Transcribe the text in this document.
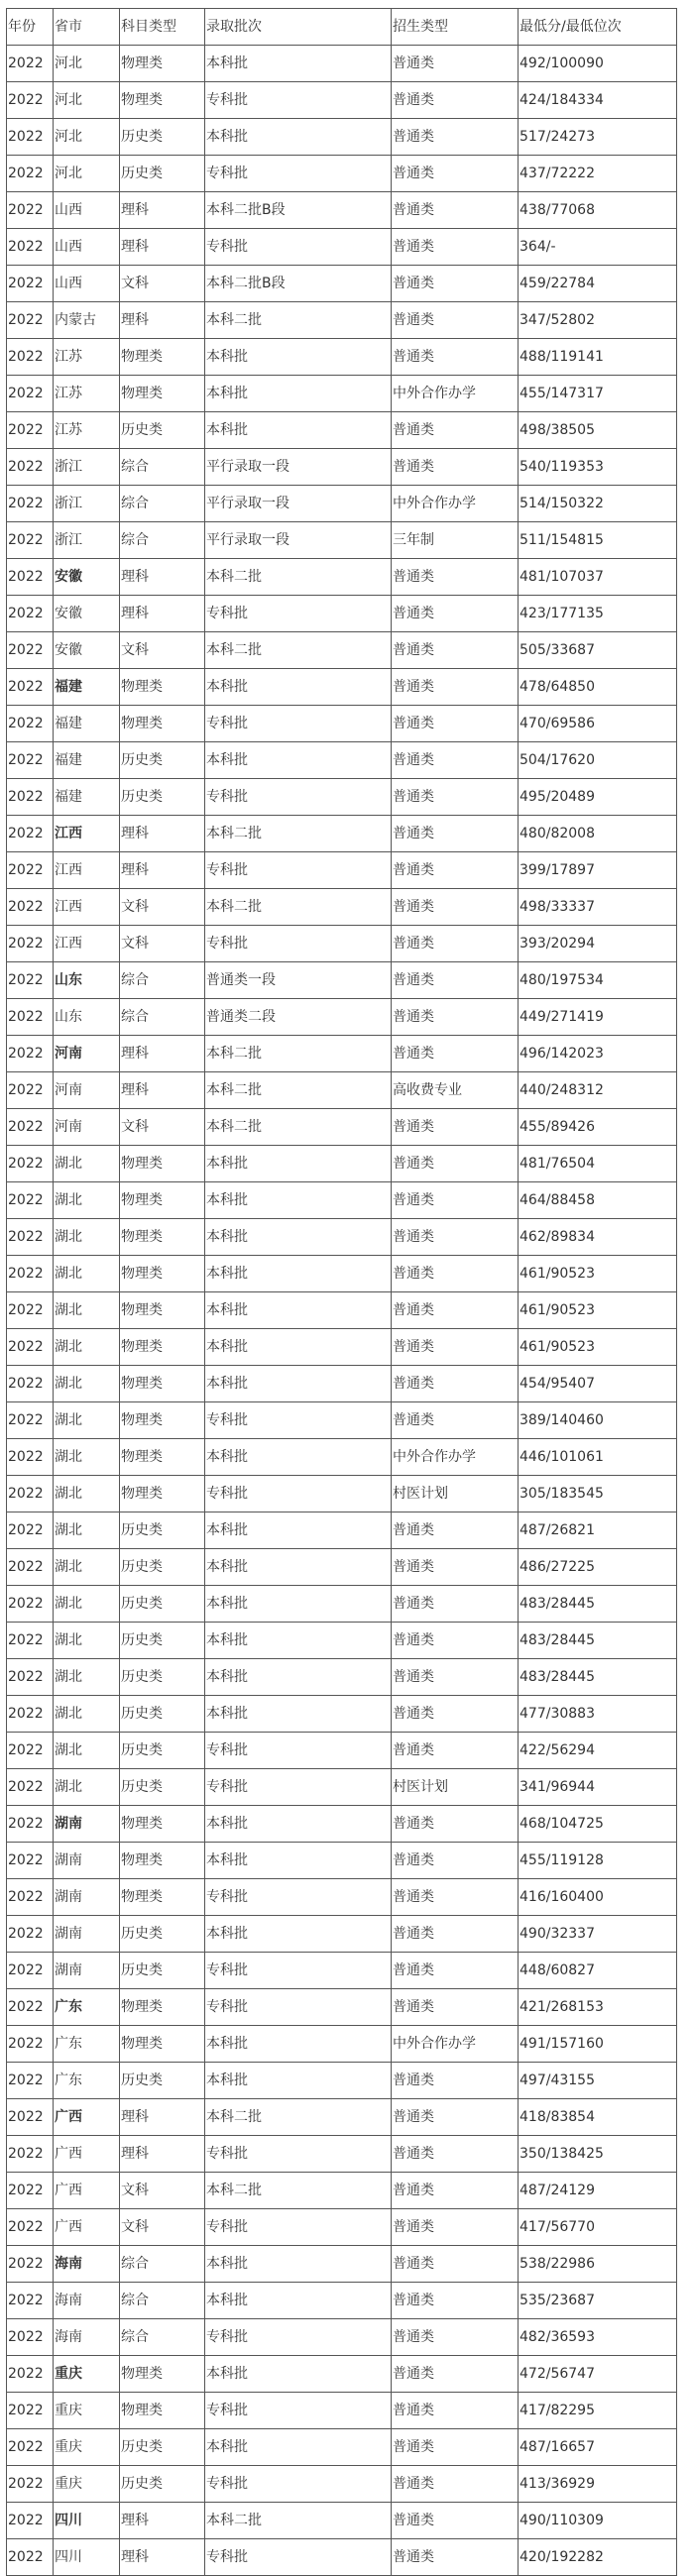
年份	省市	科目类型	录取批次	招生类型	最低分/最低位次
2022	河北	物理类	本科批	普通类	492/100090
2022	河北	物理类	专科批	普通类	424/184334
2022	河北	历史类	本科批	普通类	517/24273
2022	河北	历史类	专科批	普通类	437/72222
2022	山西	理科	本科二批B段	普通类	438/77068
2022	山西	理科	专科批	普通类	364/-
2022	山西	文科	本科二批B段	普通类	459/22784
2022	内蒙古	理科	本科二批	普通类	347/52802
2022	江苏	物理类	本科批	普通类	488/119141
2022	江苏	物理类	本科批	中外合作办学	455/147317
2022	江苏	历史类	本科批	普通类	498/38505
2022	浙江	综合	平行录取一段	普通类	540/119353
2022	浙江	综合	平行录取一段	中外合作办学	514/150322
2022	浙江	综合	平行录取一段	三年制	511/154815
2022	安徽	理科	本科二批	普通类	481/107037
2022	安徽	理科	专科批	普通类	423/177135
2022	安徽	文科	本科二批	普通类	505/33687
2022	福建	物理类	本科批	普通类	478/64850
2022	福建	物理类	专科批	普通类	470/69586
2022	福建	历史类	本科批	普通类	504/17620
2022	福建	历史类	专科批	普通类	495/20489
2022	江西	理科	本科二批	普通类	480/82008
2022	江西	理科	专科批	普通类	399/17897
2022	江西	文科	本科二批	普通类	498/33337
2022	江西	文科	专科批	普通类	393/20294
2022	山东	综合	普通类一段	普通类	480/197534
2022	山东	综合	普通类二段	普通类	449/271419
2022	河南	理科	本科二批	普通类	496/142023
2022	河南	理科	本科二批	高收费专业	440/248312
2022	河南	文科	本科二批	普通类	455/89426
2022	湖北	物理类	本科批	普通类	481/76504
2022	湖北	物理类	本科批	普通类	464/88458
2022	湖北	物理类	本科批	普通类	462/89834
2022	湖北	物理类	本科批	普通类	461/90523
2022	湖北	物理类	本科批	普通类	461/90523
2022	湖北	物理类	本科批	普通类	461/90523
2022	湖北	物理类	本科批	普通类	454/95407
2022	湖北	物理类	专科批	普通类	389/140460
2022	湖北	物理类	本科批	中外合作办学	446/101061
2022	湖北	物理类	专科批	村医计划	305/183545
2022	湖北	历史类	本科批	普通类	487/26821
2022	湖北	历史类	本科批	普通类	486/27225
2022	湖北	历史类	本科批	普通类	483/28445
2022	湖北	历史类	本科批	普通类	483/28445
2022	湖北	历史类	本科批	普通类	483/28445
2022	湖北	历史类	本科批	普通类	477/30883
2022	湖北	历史类	专科批	普通类	422/56294
2022	湖北	历史类	专科批	村医计划	341/96944
2022	湖南	物理类	本科批	普通类	468/104725
2022	湖南	物理类	本科批	普通类	455/119128
2022	湖南	物理类	专科批	普通类	416/160400
2022	湖南	历史类	本科批	普通类	490/32337
2022	湖南	历史类	专科批	普通类	448/60827
2022	广东	物理类	专科批	普通类	421/268153
2022	广东	物理类	本科批	中外合作办学	491/157160
2022	广东	历史类	本科批	普通类	497/43155
2022	广西	理科	本科二批	普通类	418/83854
2022	广西	理科	专科批	普通类	350/138425
2022	广西	文科	本科二批	普通类	487/24129
2022	广西	文科	专科批	普通类	417/56770
2022	海南	综合	本科批	普通类	538/22986
2022	海南	综合	本科批	普通类	535/23687
2022	海南	综合	专科批	普通类	482/36593
2022	重庆	物理类	本科批	普通类	472/56747
2022	重庆	物理类	专科批	普通类	417/82295
2022	重庆	历史类	本科批	普通类	487/16657
2022	重庆	历史类	专科批	普通类	413/36929
2022	四川	理科	本科二批	普通类	490/110309
2022	四川	理科	专科批	普通类	420/192282
